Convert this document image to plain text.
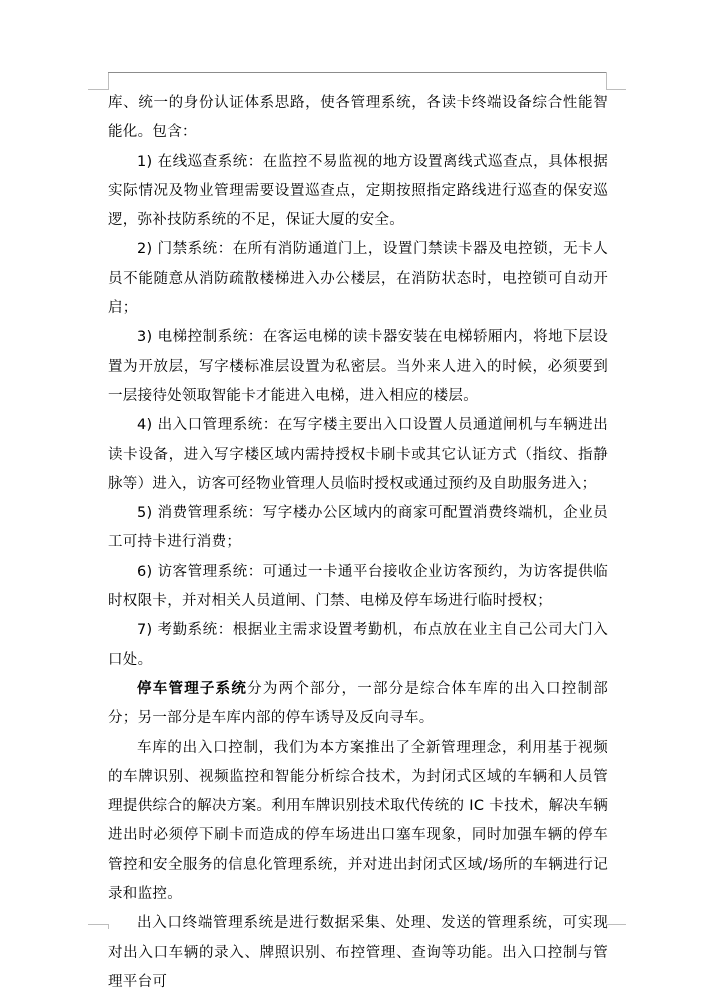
库、统一的身份认证体系思路，使各管理系统，各读卡终端设备综合性能智能化。包含：

1) 在线巡查系统：在监控不易监视的地方设置离线式巡查点，具体根据实际情况及物业管理需要设置巡查点，定期按照指定路线进行巡查的保安巡逻，弥补技防系统的不足，保证大厦的安全。

2) 门禁系统：在所有消防通道门上，设置门禁读卡器及电控锁，无卡人员不能随意从消防疏散楼梯进入办公楼层，在消防状态时，电控锁可自动开启；

3) 电梯控制系统：在客运电梯的读卡器安装在电梯轿厢内，将地下层设置为开放层，写字楼标准层设置为私密层。当外来人进入的时候，必须要到一层接待处领取智能卡才能进入电梯，进入相应的楼层。

4) 出入口管理系统：在写字楼主要出入口设置人员通道闸机与车辆进出读卡设备，进入写字楼区域内需持授权卡刷卡或其它认证方式（指纹、指静脉等）进入，访客可经物业管理人员临时授权或通过预约及自助服务进入；

5) 消费管理系统：写字楼办公区域内的商家可配置消费终端机，企业员工可持卡进行消费；

6) 访客管理系统：可通过一卡通平台接收企业访客预约，为访客提供临时权限卡，并对相关人员道闸、门禁、电梯及停车场进行临时授权；

7) 考勤系统：根据业主需求设置考勤机，布点放在业主自己公司大门入口处。

停车管理子系统分为两个部分，一部分是综合体车库的出入口控制部分；另一部分是车库内部的停车诱导及反向寻车。

车库的出入口控制，我们为本方案推出了全新管理理念，利用基于视频的车牌识别、视频监控和智能分析综合技术，为封闭式区域的车辆和人员管理提供综合的解决方案。利用车牌识别技术取代传统的 IC 卡技术，解决车辆进出时必须停下刷卡而造成的停车场进出口塞车现象，同时加强车辆的停车管控和安全服务的信息化管理系统，并对进出封闭式区域/场所的车辆进行记录和监控。

出入口终端管理系统是进行数据采集、处理、发送的管理系统，可实现对出入口车辆的录入、牌照识别、布控管理、查询等功能。出入口控制与管理平台可
